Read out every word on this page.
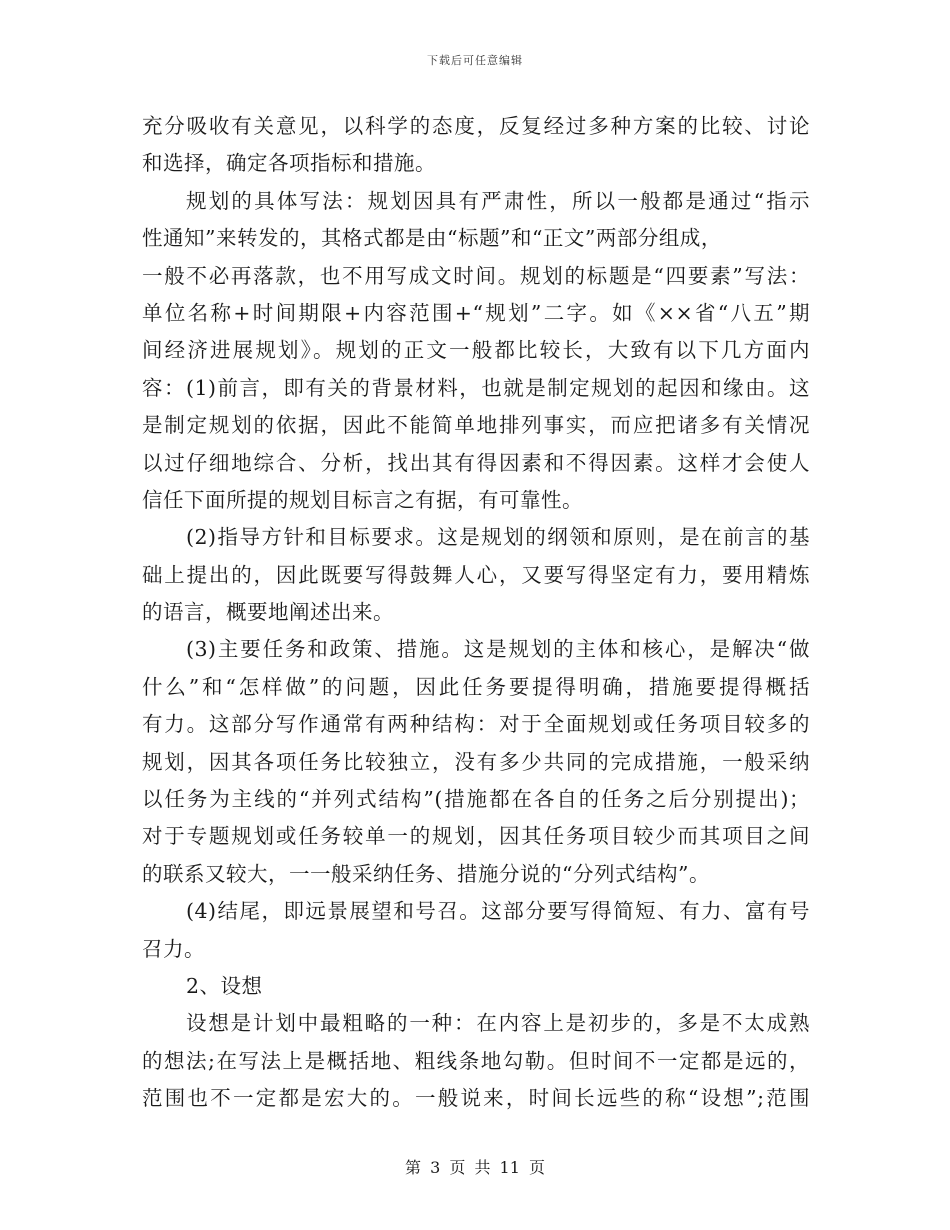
下载后可任意编辑
充分吸收有关意见，以科学的态度，反复经过多种方案的比较、讨论
和选择，确定各项指标和措施。
规划的具体写法：规划因具有严肃性，所以一般都是通过“指示
性通知”来转发的，其格式都是由“标题”和“正文”两部分组成，
一般不必再落款，也不用写成文时间。规划的标题是“四要素”写法：
单位名称+时间期限+内容范围+“规划”二字。如《××省“八五”期
间经济进展规划》。规划的正文一般都比较长，大致有以下几方面内
容：(1)前言，即有关的背景材料，也就是制定规划的起因和缘由。这
是制定规划的依据，因此不能简单地排列事实，而应把诸多有关情况
以过仔细地综合、分析，找出其有得因素和不得因素。这样才会使人
信任下面所提的规划目标言之有据，有可靠性。
(2)指导方针和目标要求。这是规划的纲领和原则，是在前言的基
础上提出的，因此既要写得鼓舞人心，又要写得坚定有力，要用精炼
的语言，概要地阐述出来。
(3)主要任务和政策、措施。这是规划的主体和核心，是解决“做
什么”和“怎样做”的问题，因此任务要提得明确，措施要提得概括
有力。这部分写作通常有两种结构：对于全面规划或任务项目较多的
规划，因其各项任务比较独立，没有多少共同的完成措施，一般采纳
以任务为主线的“并列式结构”(措施都在各自的任务之后分别提出)；
对于专题规划或任务较单一的规划，因其任务项目较少而其项目之间
的联系又较大，一一般采纳任务、措施分说的“分列式结构”。
(4)结尾，即远景展望和号召。这部分要写得简短、有力、富有号
召力。
2、设想
设想是计划中最粗略的一种：在内容上是初步的，多是不太成熟
的想法;在写法上是概括地、粗线条地勾勒。但时间不一定都是远的，
范围也不一定都是宏大的。一般说来，时间长远些的称“设想”;范围
第 3 页 共 11 页
